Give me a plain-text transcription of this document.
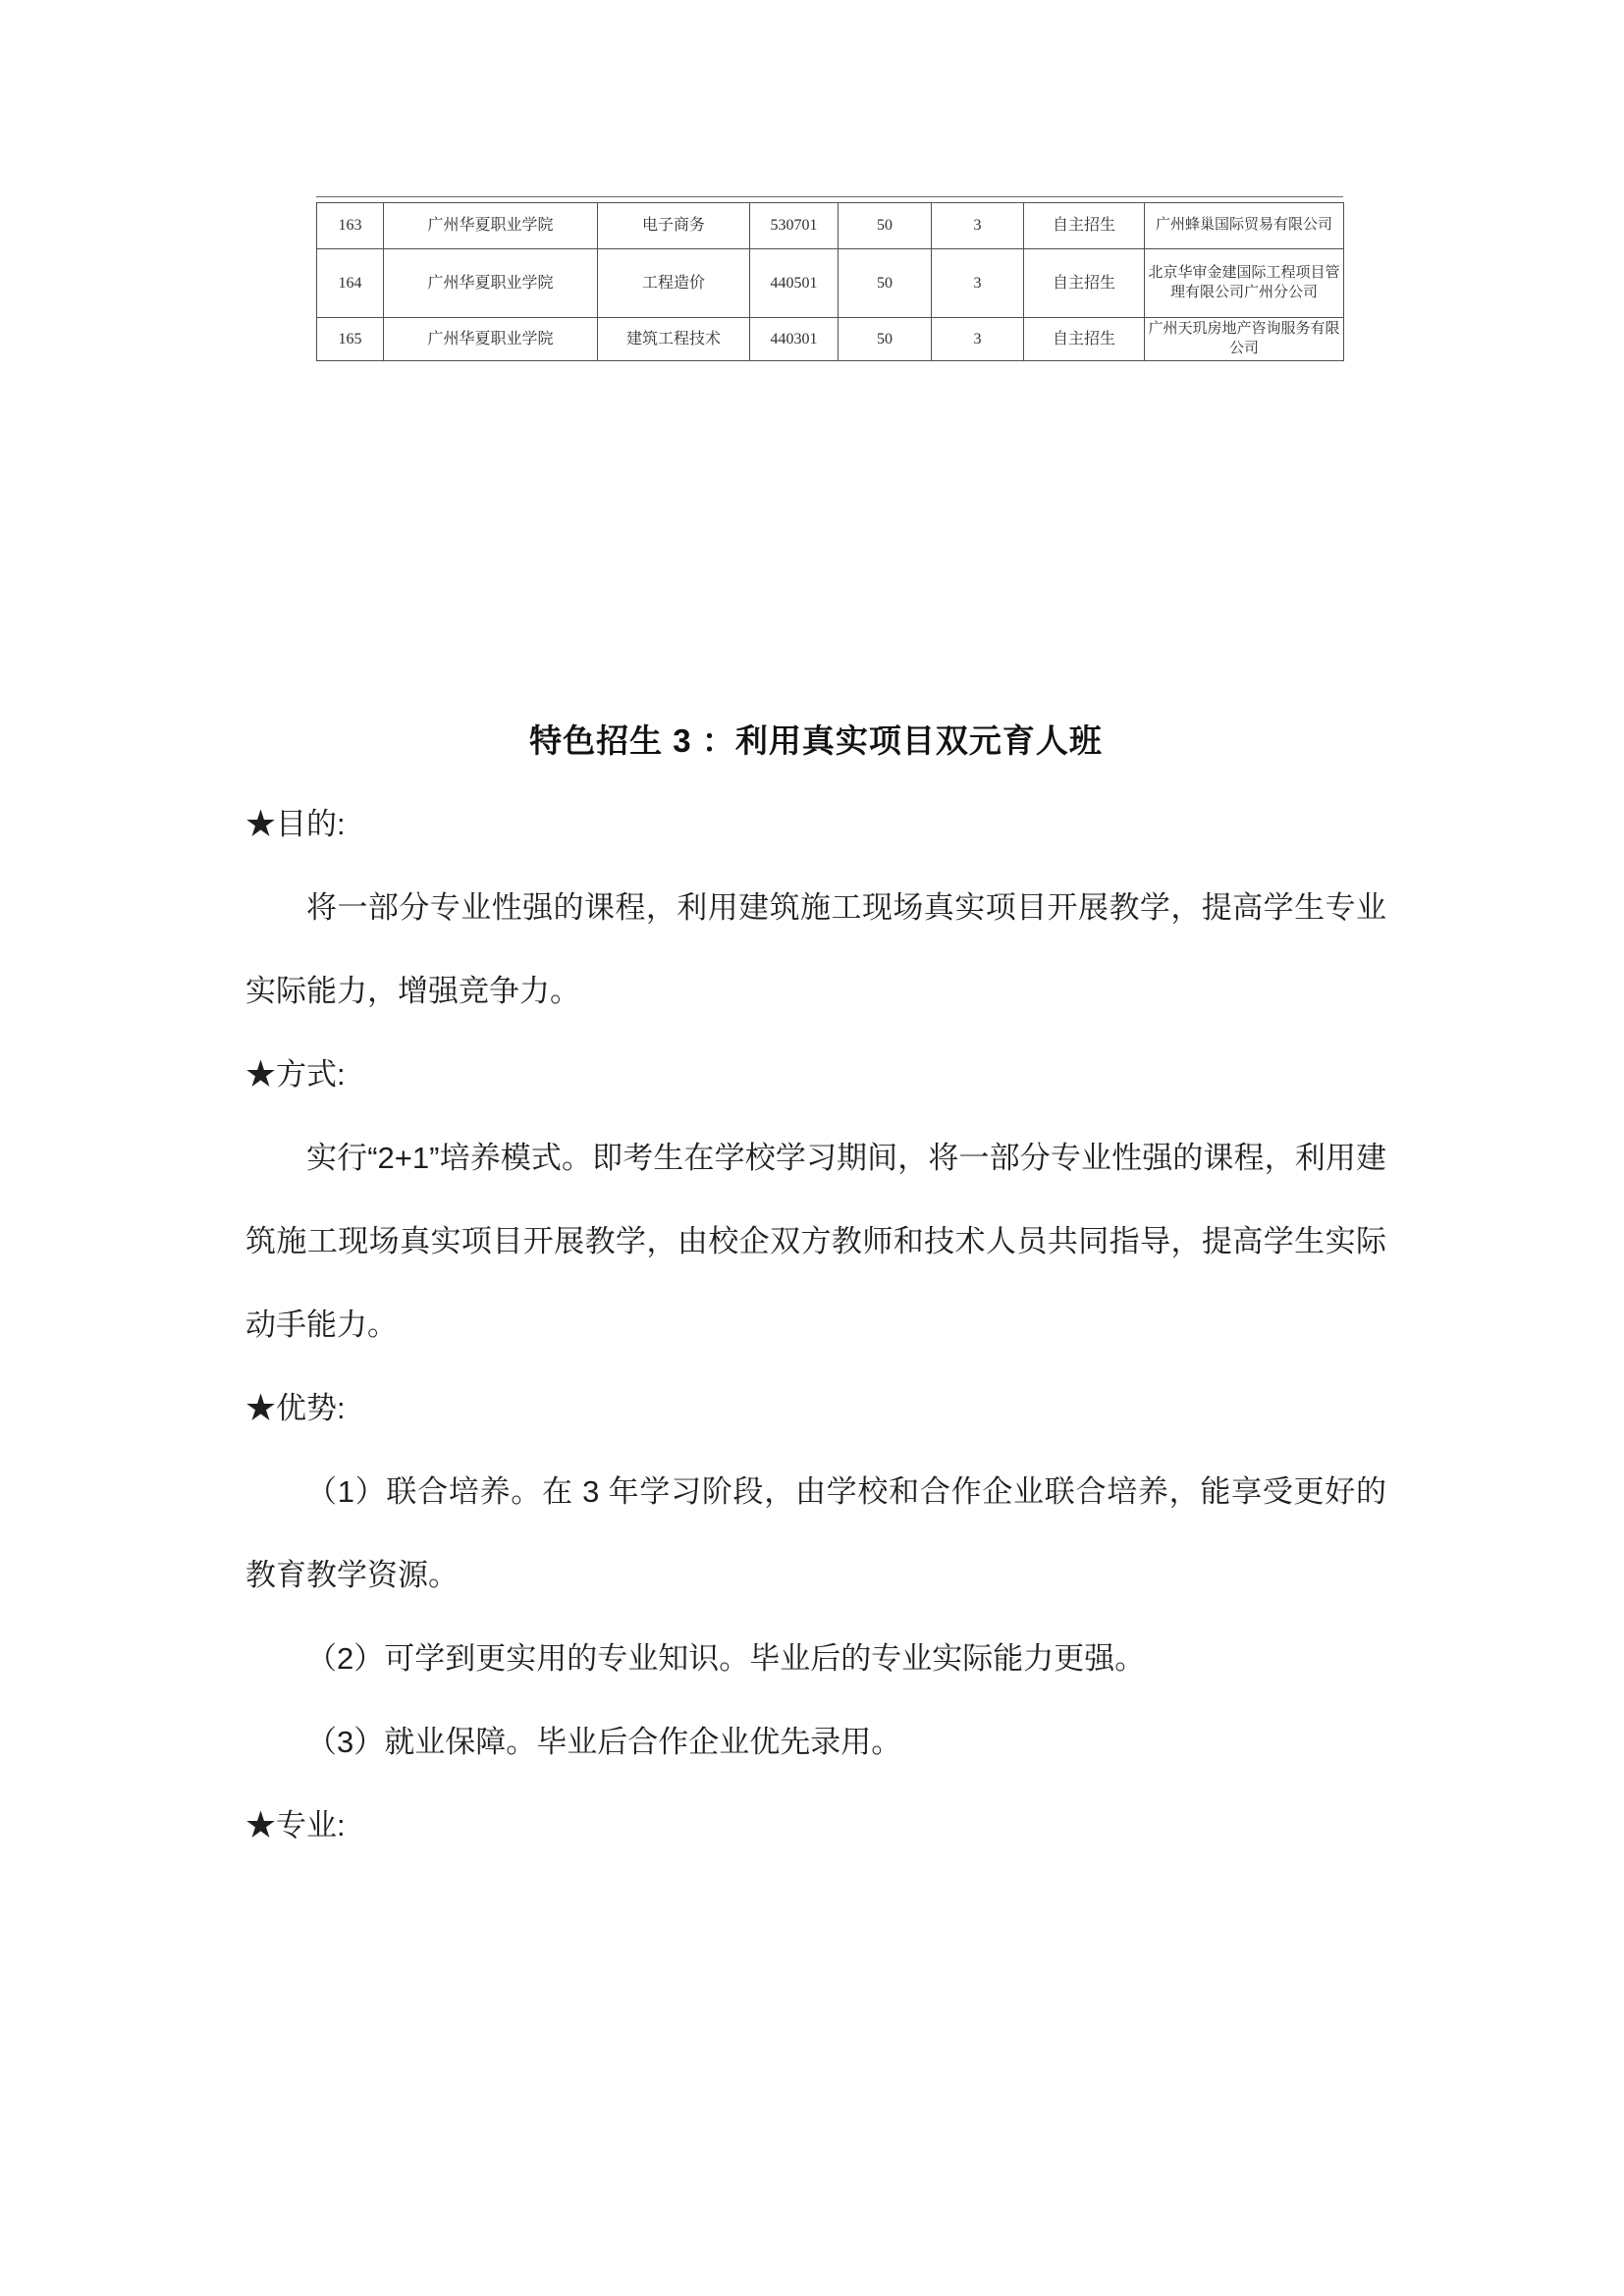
163	广州华夏职业学院	电子商务	530701	50	3	自主招生	广州蜂巢国际贸易有限公司
164	广州华夏职业学院	工程造价	440501	50	3	自主招生	北京华审金建国际工程项目管理有限公司广州分公司
165	广州华夏职业学院	建筑工程技术	440301	50	3	自主招生	广州天玑房地产咨询服务有限公司
特色招生 3 ：利用真实项目双元育人班

★目的:

将一部分专业性强的课程，利用建筑施工现场真实项目开展教学，提高学生专业实际能力，增强竞争力。

★方式:

实行“2+1”培养模式。即考生在学校学习期间，将一部分专业性强的课程，利用建筑施工现场真实项目开展教学，由校企双方教师和技术人员共同指导，提高学生实际动手能力。

★优势:

（1）联合培养。在 3 年学习阶段，由学校和合作企业联合培养，能享受更好的教育教学资源。

（2）可学到更实用的专业知识。毕业后的专业实际能力更强。

（3）就业保障。毕业后合作企业优先录用。

★专业:
